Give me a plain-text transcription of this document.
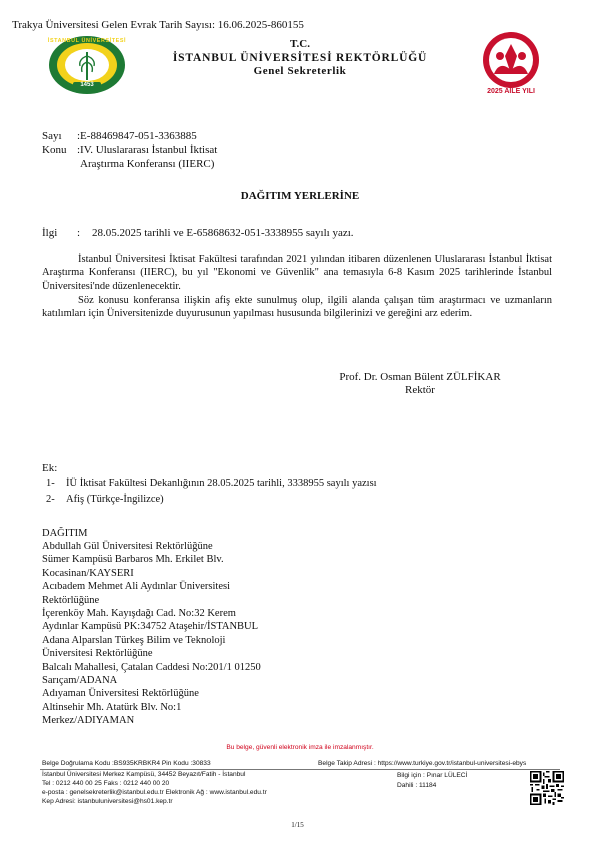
Trakya Üniversitesi Gelen Evrak Tarih Sayısı: 16.06.2025-860155
İSTANBUL ÜNİVERSİTESİ
1453
T.C.
İSTANBUL ÜNİVERSİTESİ REKTÖRLÜĞÜ
Genel Sekreterlik
2025 AİLE YILI
Sayı :E-88469847-051-3363885
Konu :IV. Uluslararası İstanbul İktisat
Araştırma Konferansı (IIERC)
DAĞITIM YERLERİNE
İlgi : 28.05.2025 tarihli ve E-65868632-051-3338955 sayılı yazı.
İstanbul Üniversitesi İktisat Fakültesi tarafından 2021 yılından itibaren düzenlenen Uluslararası İstanbul İktisat Araştırma Konferansı (IIERC), bu yıl "Ekonomi ve Güvenlik" ana temasıyla 6-8 Kasım 2025 tarihlerinde İstanbul Üniversitesi'nde düzenlenecektir.
Söz konusu konferansa ilişkin afiş ekte sunulmuş olup, ilgili alanda çalışan tüm araştırmacı ve uzmanların katılımları için Üniversitenizde duyurusunun yapılması hususunda bilgilerinizi ve gereğini arz ederim.
Prof. Dr. Osman Bülent ZÜLFİKAR
Rektör
Ek:
1- İÜ İktisat Fakültesi Dekanlığının 28.05.2025 tarihli, 3338955 sayılı yazısı
2- Afiş (Türkçe-İngilizce)
DAĞITIM
Abdullah Gül Üniversitesi Rektörlüğüne
Sümer Kampüsü Barbaros Mh. Erkilet Blv.
Kocasinan/KAYSERI
Acıbadem Mehmet Ali Aydınlar Üniversitesi
Rektörlüğüne
İçerenköy Mah. Kayışdağı Cad. No:32 Kerem
Aydınlar Kampüsü PK:34752 Ataşehir/İSTANBUL
Adana Alparslan Türkeş Bilim ve Teknoloji
Üniversitesi Rektörlüğüne
Balcalı Mahallesi, Çatalan Caddesi No:201/1 01250
Sarıçam/ADANA
Adıyaman Üniversitesi Rektörlüğüne
Altinsehir Mh. Atatürk Blv. No:1
Merkez/ADIYAMAN
Bu belge, güvenli elektronik imza ile imzalanmıştır.
Belge Doğrulama Kodu :BS935KRBKR4 Pin Kodu :30833	Belge Takip Adresi : https://www.turkiye.gov.tr/istanbul-universitesi-ebys
İstanbul Üniversitesi Merkez Kampüsü, 34452 Beyazıt/Fatih - İstanbul
Tel : 0212 440 00 25 Faks : 0212 440 00 20
e-posta : genelsekreterlik@istanbul.edu.tr Elektronik Ağ : www.istanbul.edu.tr
Kep Adresi: istanbuluniversitesi@hs01.kep.tr
Bilgi için : Pınar LÜLECİ
Dahili : 11184
1/15
